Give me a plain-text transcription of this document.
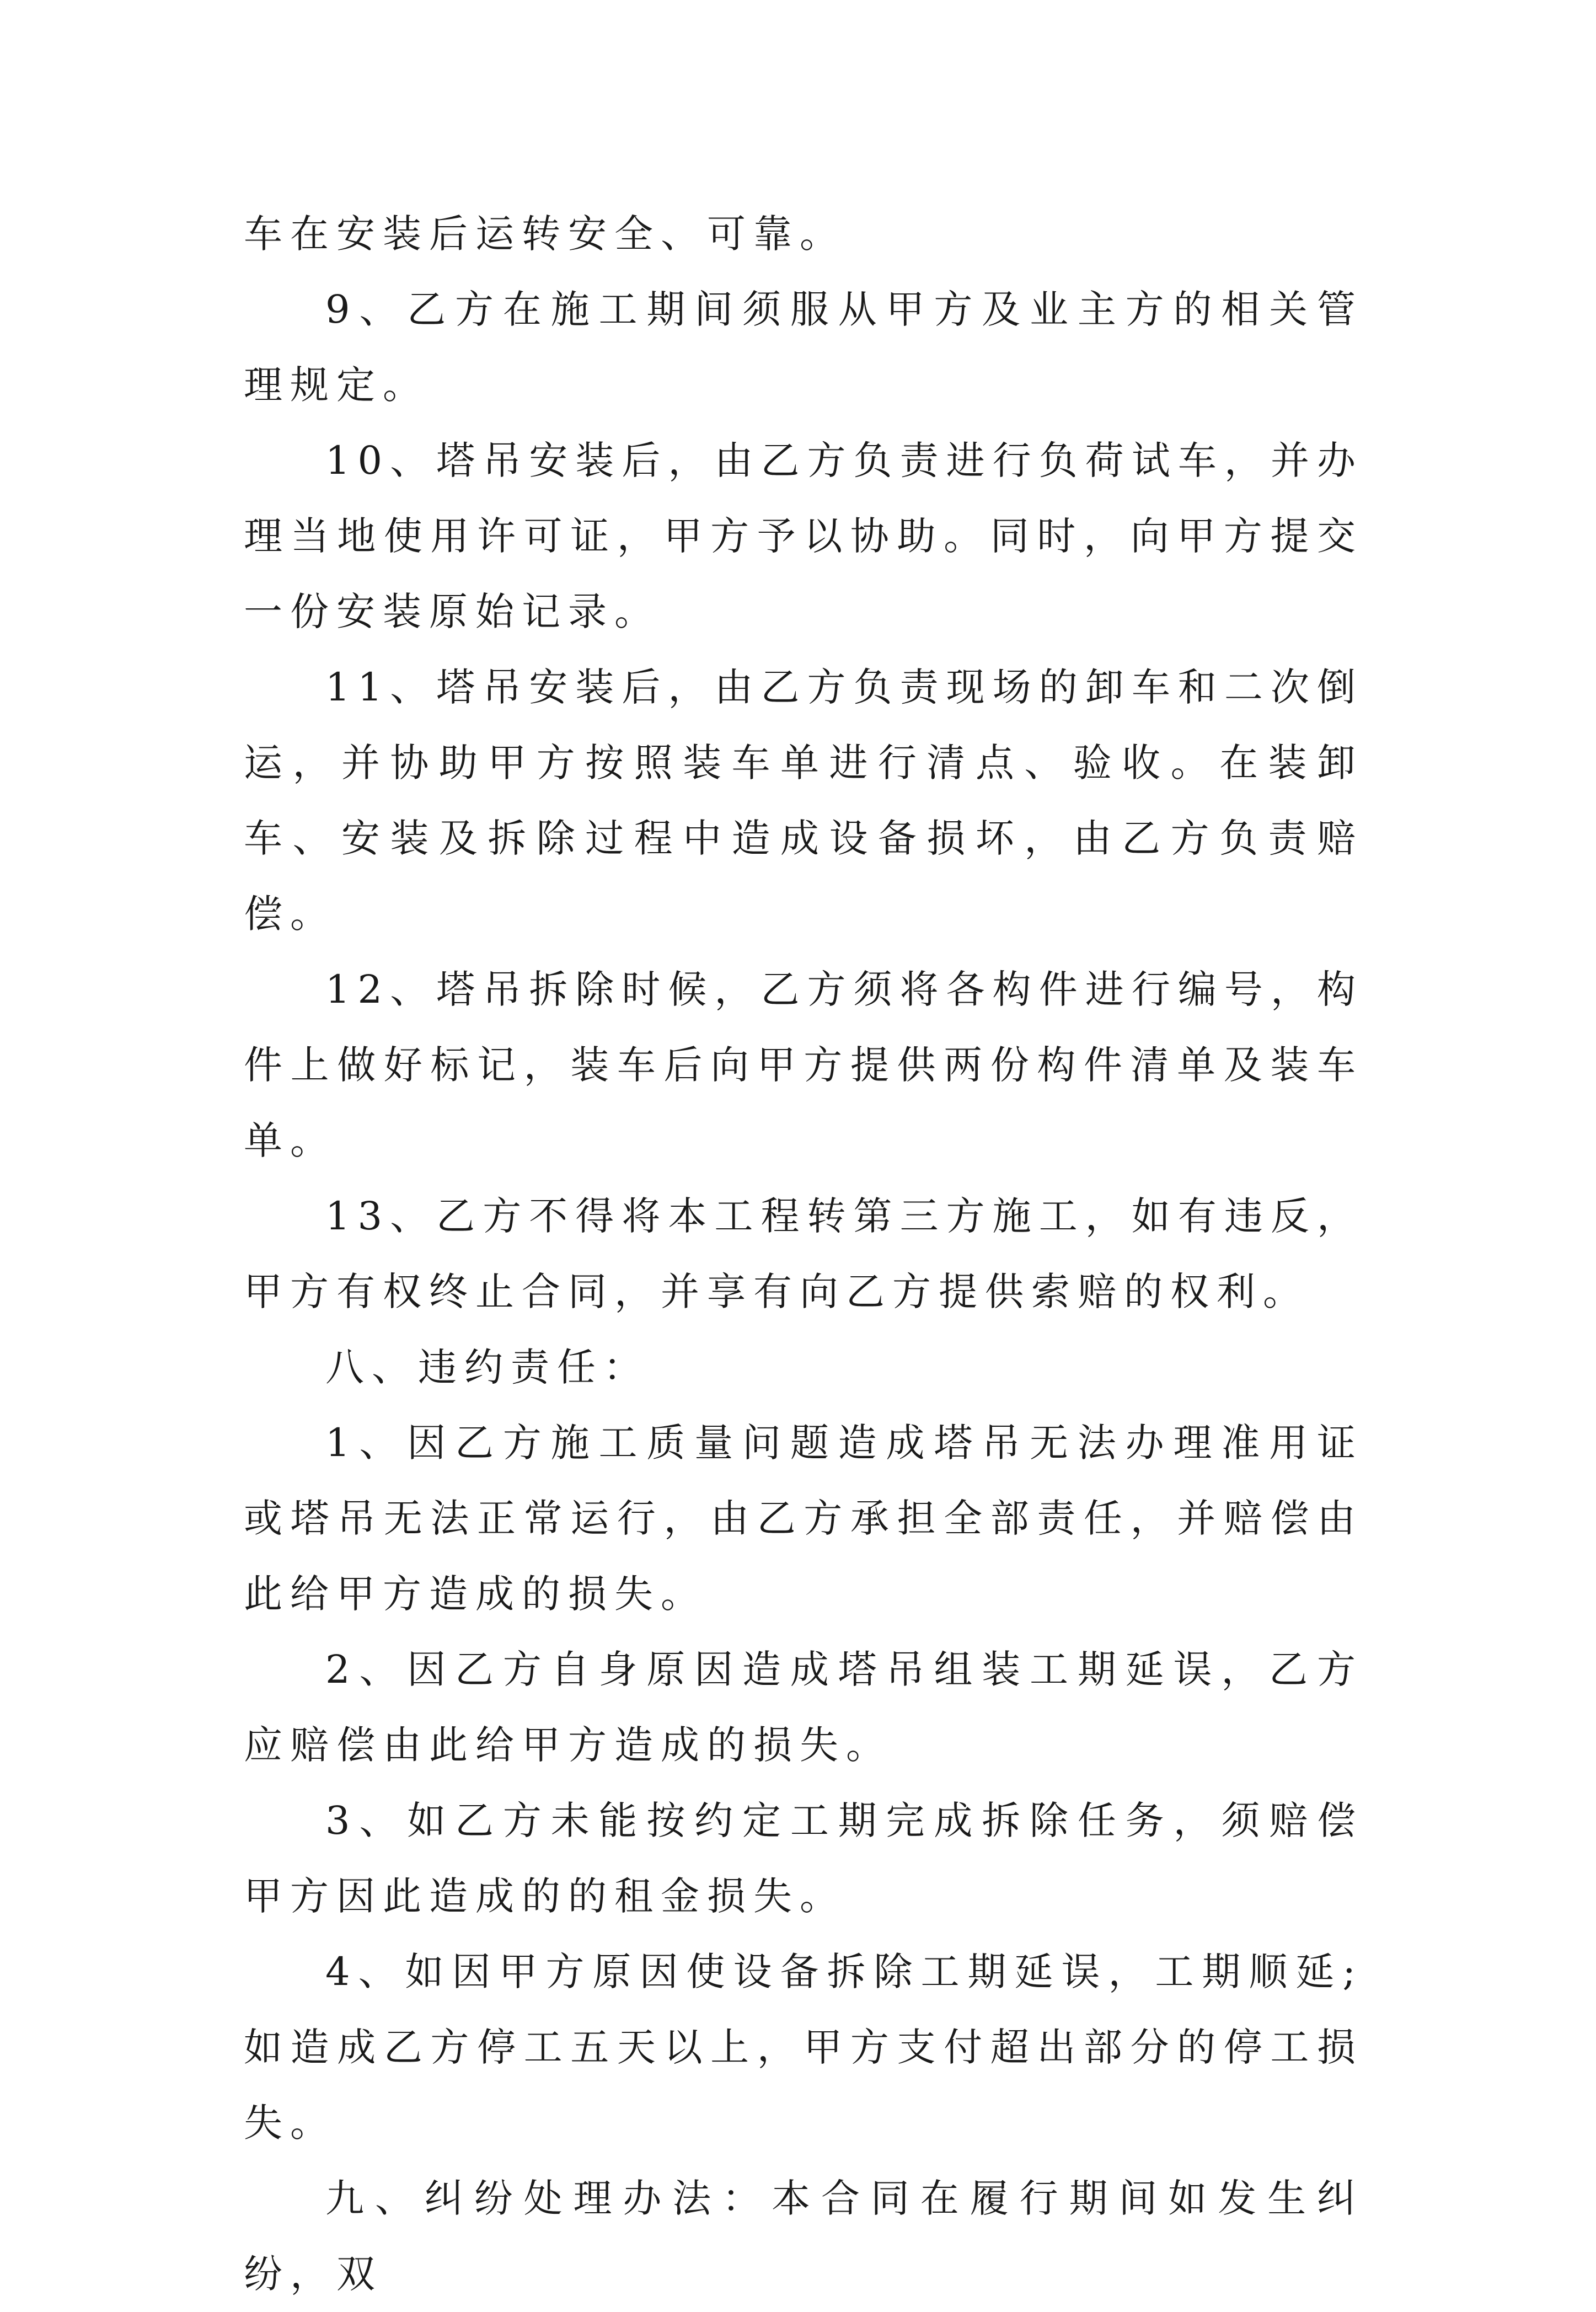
车在安装后运转安全、可靠。

9、乙方在施工期间须服从甲方及业主方的相关管理规定。

10、塔吊安装后，由乙方负责进行负荷试车，并办理当地使用许可证，甲方予以协助。同时，向甲方提交一份安装原始记录。

11、塔吊安装后，由乙方负责现场的卸车和二次倒运，并协助甲方按照装车单进行清点、验收。在装卸车、安装及拆除过程中造成设备损坏，由乙方负责赔偿。

12、塔吊拆除时候，乙方须将各构件进行编号，构件上做好标记，装车后向甲方提供两份构件清单及装车单。

13、乙方不得将本工程转第三方施工，如有违反，甲方有权终止合同，并享有向乙方提供索赔的权利。

八、违约责任：

1、因乙方施工质量问题造成塔吊无法办理准用证或塔吊无法正常运行，由乙方承担全部责任，并赔偿由此给甲方造成的损失。

2、因乙方自身原因造成塔吊组装工期延误，乙方应赔偿由此给甲方造成的损失。

3、如乙方未能按约定工期完成拆除任务，须赔偿甲方因此造成的的租金损失。

4、如因甲方原因使设备拆除工期延误，工期顺延;如造成乙方停工五天以上，甲方支付超出部分的停工损失。

九、纠纷处理办法：本合同在履行期间如发生纠纷，双
